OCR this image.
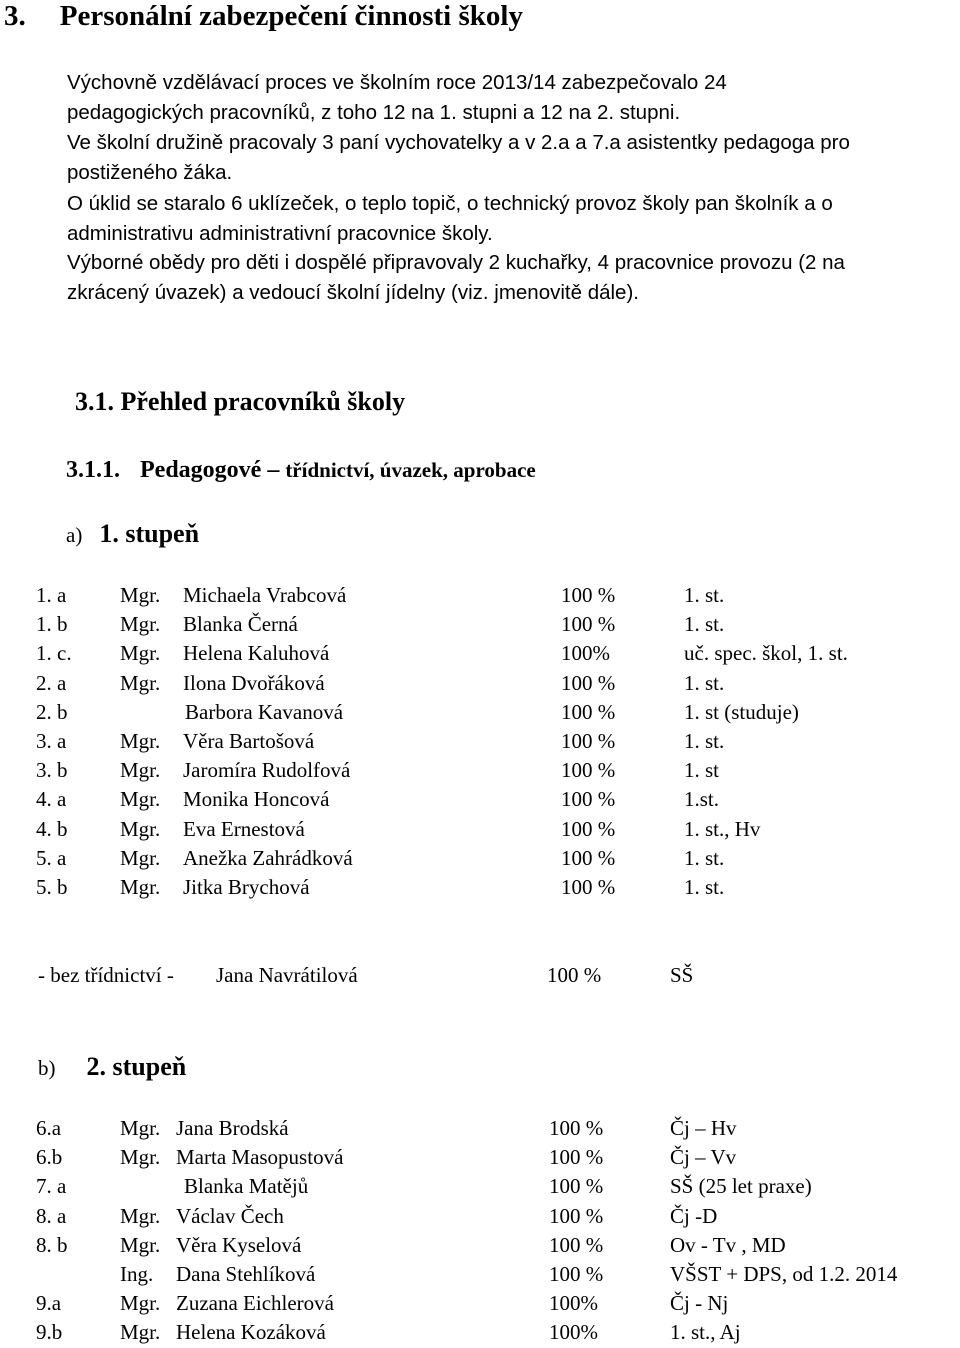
3. Personální zabezpečení činnosti školy
Výchovně vzdělávací proces ve školním roce 2013/14 zabezpečovalo 24
pedagogických pracovníků, z toho 12 na 1. stupni a 12 na 2. stupni.
Ve školní družině pracovaly 3 paní vychovatelky a v 2.a a 7.a asistentky pedagoga pro
postiženého žáka.
O úklid se staralo 6 uklízeček, o teplo topič, o technický provoz školy pan školník a o
administrativu administrativní pracovnice školy.
Výborné obědy pro děti i dospělé připravovaly 2 kuchařky, 4 pracovnice provozu (2 na
zkrácený úvazek) a vedoucí školní jídelny (viz. jmenovitě dále).
3.1. Přehled pracovníků školy
3.1.1. Pedagogové – třídnictví, úvazek, aprobace
a) 1. stupeň
1. a	Mgr. Michaela Vrabcová	100 %	1. st.
1. b	Mgr. Blanka Černá	100 %	1. st.
1. c. Mgr. Helena Kaluhová	100%	uč. spec. škol, 1. st.
2. a	Mgr. Ilona Dvořáková	100 %	1. st.
2. b	Barbora Kavanová	100 %	1. st (studuje)
3. a	Mgr. Věra Bartošová	100 %	1. st.
3. b	Mgr. Jaromíra Rudolfová	100 %	1. st
4. a	Mgr. Monika Honcová	100 %	1.st.
4. b	Mgr. Eva Ernestová	100 %	1. st., Hv
5. a	Mgr. Anežka Zahrádková	100 %	1. st.
5. b	Mgr. Jitka Brychová	100 %	1. st.
- bez třídnictví - Jana Navrátilová	100 %	SŠ
b) 2. stupeň
6.a	Mgr. Jana Brodská	100 %	Čj – Hv
6.b	Mgr. Marta Masopustová	100 %	Čj – Vv
7. a	Blanka Matějů	100 %	SŠ (25 let praxe)
8. a	Mgr. Václav Čech	100 %	Čj -D
8. b	Mgr. Věra Kyselová	100 %	Ov - Tv , MD
Ing. Dana Stehlíková	100 %	VŠST + DPS, od 1.2. 2014
9.a	Mgr. Zuzana Eichlerová	100%	Čj - Nj
9.b	Mgr. Helena Kozáková	100%	1. st., Aj
